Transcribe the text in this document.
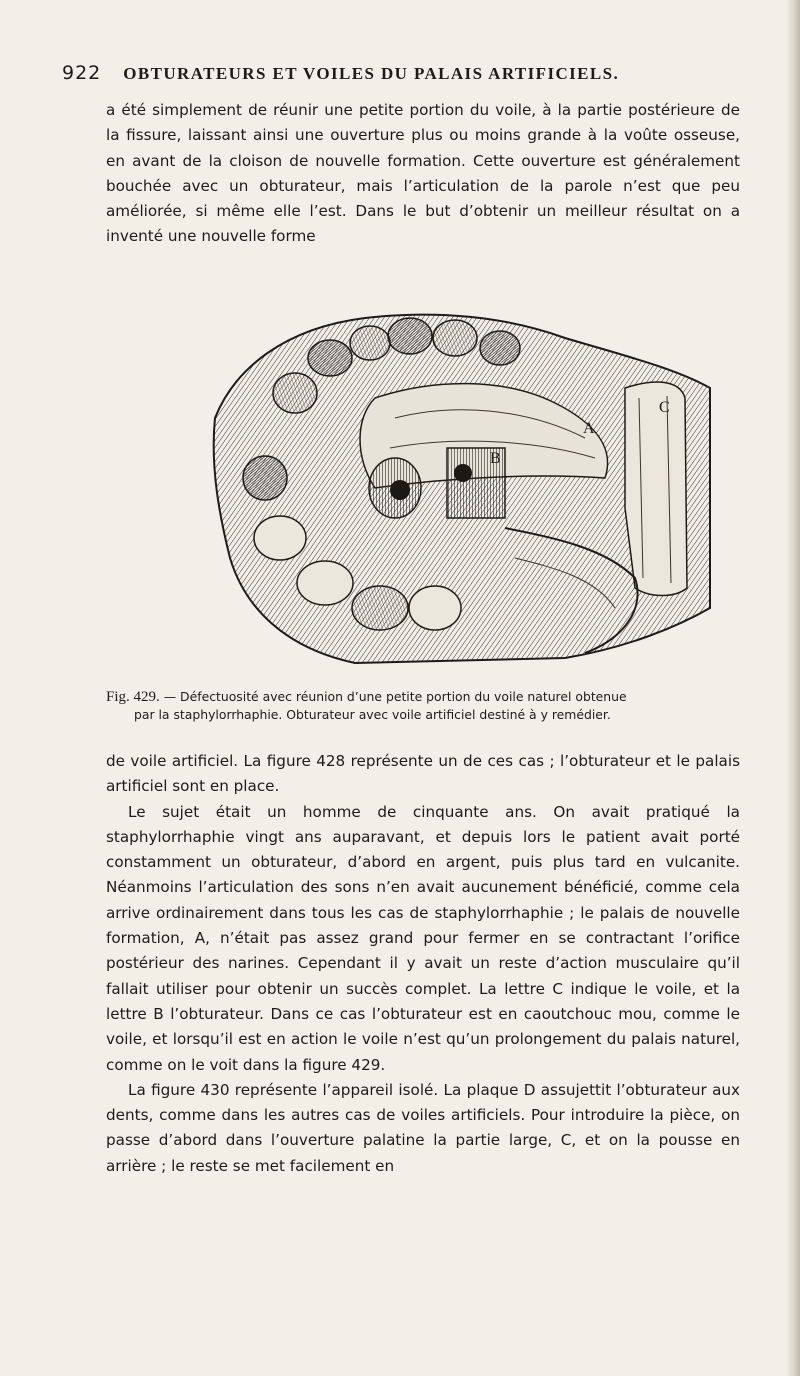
922 OBTURATEURS ET VOILES DU PALAIS ARTIFICIELS.

a été simplement de réunir une petite portion du voile, à la partie postérieure de la fissure, laissant ainsi une ouverture plus ou moins grande à la voûte osseuse, en avant de la cloison de nouvelle formation. Cette ouverture est généralement bouchée avec un obturateur, mais l’articulation de la parole n’est que peu améliorée, si même elle l’est. Dans le but d’obtenir un meilleur résultat on a inventé une nouvelle forme

A
B
C

Fig. 429. — Défectuosité avec réunion d’une petite portion du voile naturel obtenue
par la staphylorrhaphie. Obturateur avec voile artificiel destiné à y remédier.

de voile artificiel. La figure 428 représente un de ces cas ; l’obturateur et le palais artificiel sont en place.

Le sujet était un homme de cinquante ans. On avait pratiqué la staphylorrhaphie vingt ans auparavant, et depuis lors le patient avait porté constamment un obturateur, d’abord en argent, puis plus tard en vulcanite. Néanmoins l’articulation des sons n’en avait aucunement bénéficié, comme cela arrive ordinairement dans tous les cas de staphylorrhaphie ; le palais de nouvelle formation, A, n’était pas assez grand pour fermer en se contractant l’orifice postérieur des narines. Cependant il y avait un reste d’action musculaire qu’il fallait utiliser pour obtenir un succès complet. La lettre C indique le voile, et la lettre B l’obturateur. Dans ce cas l’obturateur est en caoutchouc mou, comme le voile, et lorsqu’il est en action le voile n’est qu’un prolongement du palais naturel, comme on le voit dans la figure 429.

La figure 430 représente l’appareil isolé. La plaque D assujettit l’obturateur aux dents, comme dans les autres cas de voiles artificiels. Pour introduire la pièce, on passe d’abord dans l’ouverture palatine la partie large, C, et on la pousse en arrière ; le reste se met facilement en
